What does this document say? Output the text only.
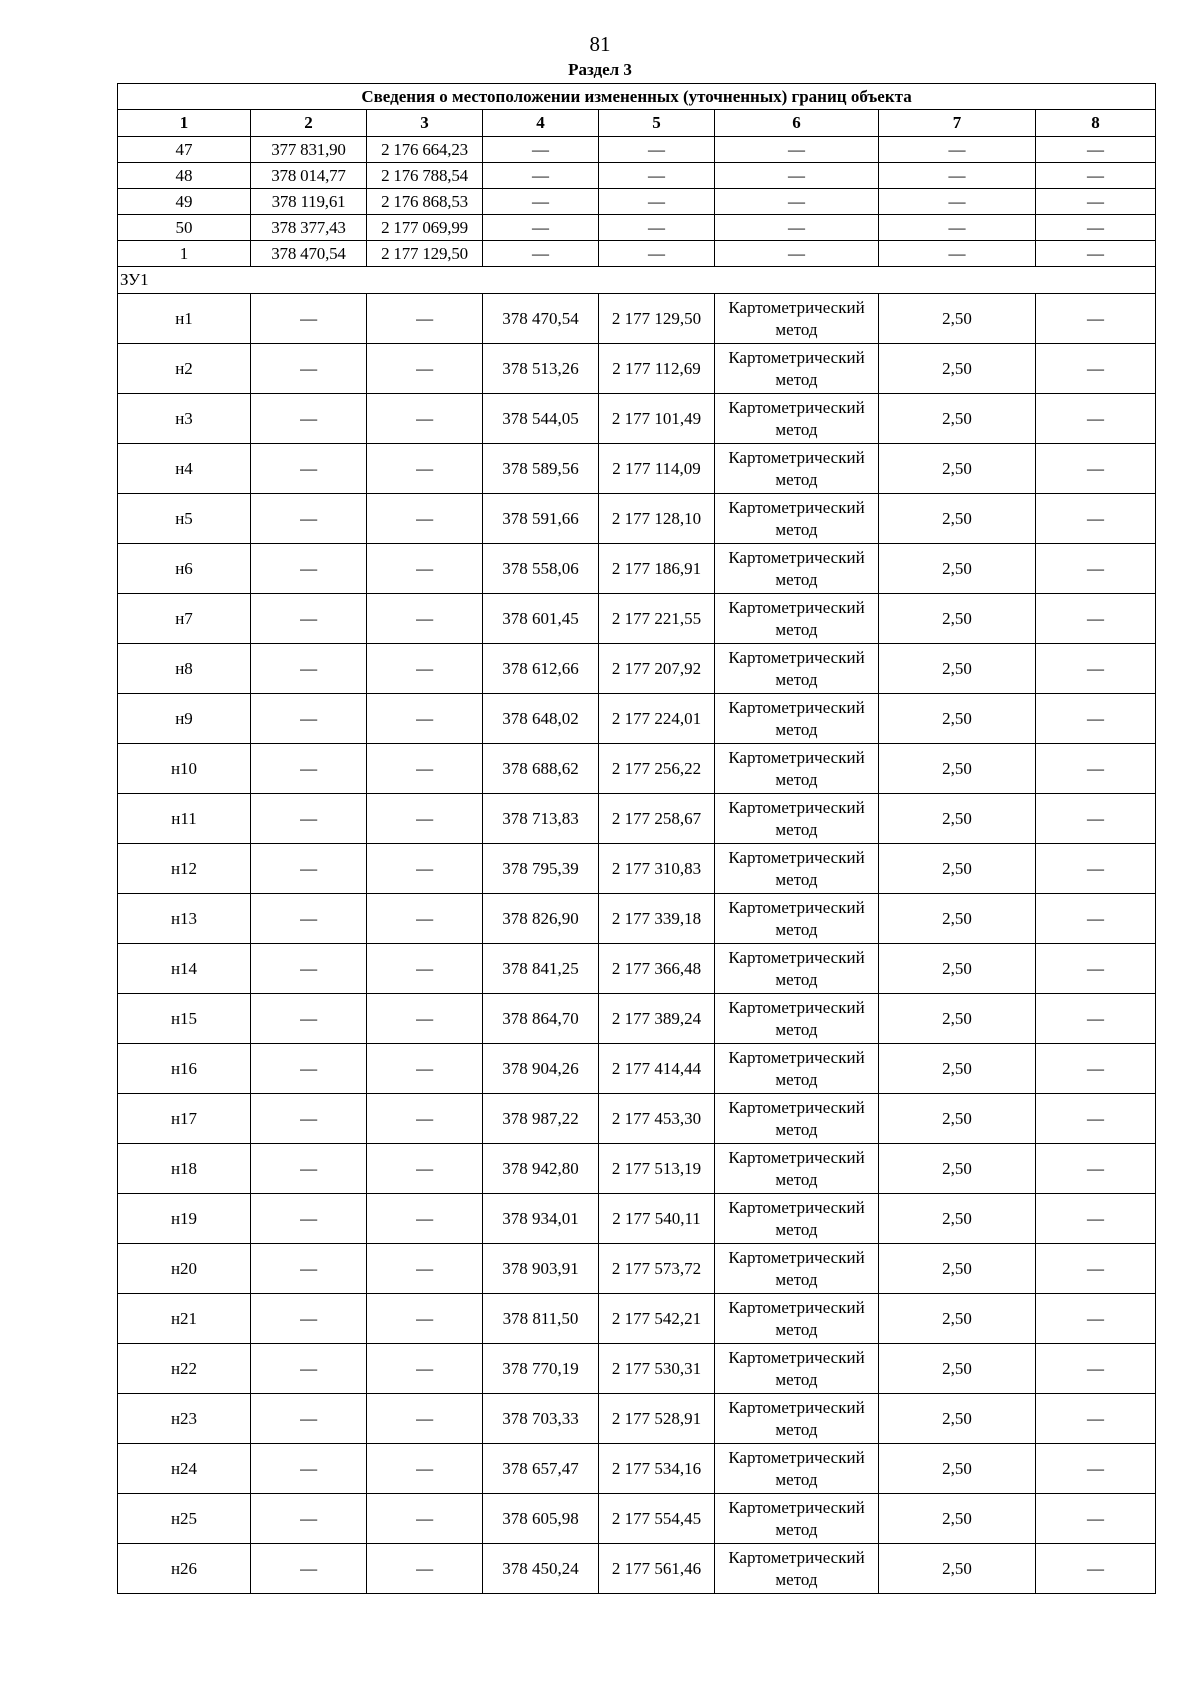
81
Раздел 3
Сведения о местоположении измененных (уточненных) границ объекта							
1	2	3	4	5	6	7	8
47	377 831,90	2 176 664,23	—	—	—	—	—
48	378 014,77	2 176 788,54	—	—	—	—	—
49	378 119,61	2 176 868,53	—	—	—	—	—
50	378 377,43	2 177 069,99	—	—	—	—	—
1	378 470,54	2 177 129,50	—	—	—	—	—
ЗУ1							
н1	—	—	378 470,54	2 177 129,50	Картометрический метод	2,50	—
н2	—	—	378 513,26	2 177 112,69	Картометрический метод	2,50	—
н3	—	—	378 544,05	2 177 101,49	Картометрический метод	2,50	—
н4	—	—	378 589,56	2 177 114,09	Картометрический метод	2,50	—
н5	—	—	378 591,66	2 177 128,10	Картометрический метод	2,50	—
н6	—	—	378 558,06	2 177 186,91	Картометрический метод	2,50	—
н7	—	—	378 601,45	2 177 221,55	Картометрический метод	2,50	—
н8	—	—	378 612,66	2 177 207,92	Картометрический метод	2,50	—
н9	—	—	378 648,02	2 177 224,01	Картометрический метод	2,50	—
н10	—	—	378 688,62	2 177 256,22	Картометрический метод	2,50	—
н11	—	—	378 713,83	2 177 258,67	Картометрический метод	2,50	—
н12	—	—	378 795,39	2 177 310,83	Картометрический метод	2,50	—
н13	—	—	378 826,90	2 177 339,18	Картометрический метод	2,50	—
н14	—	—	378 841,25	2 177 366,48	Картометрический метод	2,50	—
н15	—	—	378 864,70	2 177 389,24	Картометрический метод	2,50	—
н16	—	—	378 904,26	2 177 414,44	Картометрический метод	2,50	—
н17	—	—	378 987,22	2 177 453,30	Картометрический метод	2,50	—
н18	—	—	378 942,80	2 177 513,19	Картометрический метод	2,50	—
н19	—	—	378 934,01	2 177 540,11	Картометрический метод	2,50	—
н20	—	—	378 903,91	2 177 573,72	Картометрический метод	2,50	—
н21	—	—	378 811,50	2 177 542,21	Картометрический метод	2,50	—
н22	—	—	378 770,19	2 177 530,31	Картометрический метод	2,50	—
н23	—	—	378 703,33	2 177 528,91	Картометрический метод	2,50	—
н24	—	—	378 657,47	2 177 534,16	Картометрический метод	2,50	—
н25	—	—	378 605,98	2 177 554,45	Картометрический метод	2,50	—
н26	—	—	378 450,24	2 177 561,46	Картометрический метод	2,50	—
